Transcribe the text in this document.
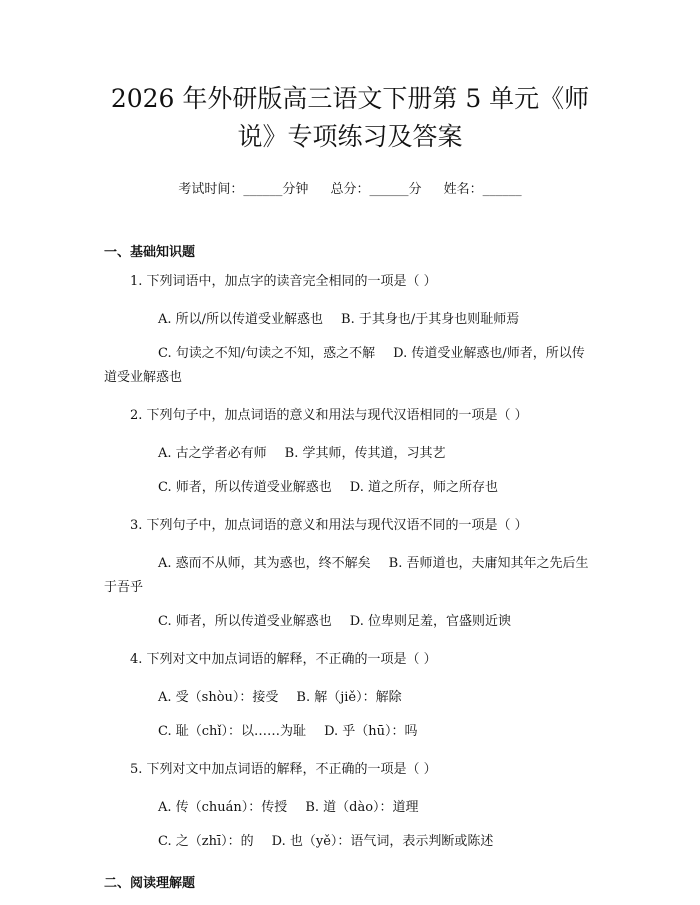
2026 年外研版高三语文下册第 5 单元《师
说》专项练习及答案
考试时间：______分钟 总分：______分 姓名：______
一、基础知识题
1. 下列词语中，加点字的读音完全相同的一项是（ ）
A. 所以/所以传道受业解惑也 B. 于其身也/于其身也则耻师焉
C. 句读之不知/句读之不知，惑之不解 D. 传道受业解惑也/师者，所以传道受业解惑也
2. 下列句子中，加点词语的意义和用法与现代汉语相同的一项是（ ）
A. 古之学者必有师 B. 学其师，传其道，习其艺
C. 师者，所以传道受业解惑也 D. 道之所存，师之所存也
3. 下列句子中，加点词语的意义和用法与现代汉语不同的一项是（ ）
A. 惑而不从师，其为惑也，终不解矣 B. 吾师道也，夫庸知其年之先后生于吾乎
C. 师者，所以传道受业解惑也 D. 位卑则足羞，官盛则近谀
4. 下列对文中加点词语的解释，不正确的一项是（ ）
A. 受（shòu）：接受 B. 解（jiě）：解除
C. 耻（chǐ）：以……为耻 D. 乎（hū）：吗
5. 下列对文中加点词语的解释，不正确的一项是（ ）
A. 传（chuán）：传授 B. 道（dào）：道理
C. 之（zhī）：的 D. 也（yě）：语气词，表示判断或陈述
二、阅读理解题
